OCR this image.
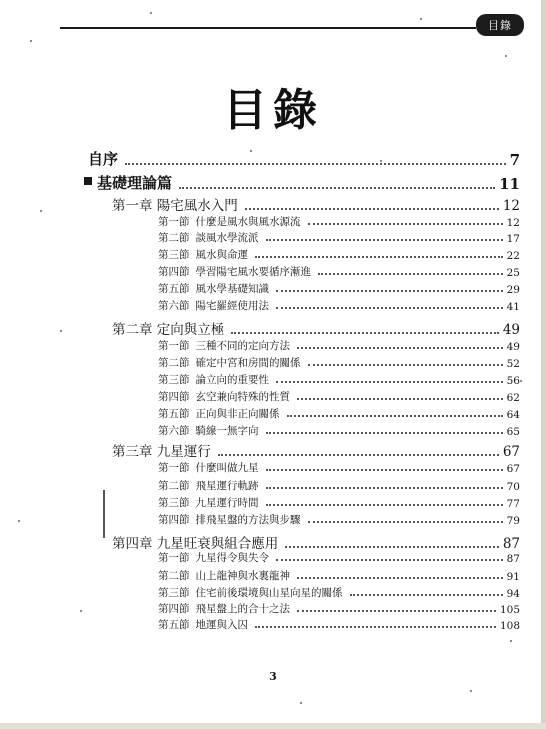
目錄
目錄
自序	7
基礎理論篇	11
第一章 陽宅風水入門	12
第一節 什麼是風水與風水源流	12
第二節 談風水學流派	17
第三節 風水與命運	22
第四節 學習陽宅風水要循序漸進	25
第五節 風水學基礎知識	29
第六節 陽宅羅經使用法	41
第二章 定向與立極	49
第一節 三種不同的定向方法	49
第二節 確定中宮和房間的關係	52
第三節 論立向的重要性	56
第四節 玄空兼向特殊的性質	62
第五節 正向與非正向關係	64
第六節 騎線一無字向	65
第三章 九星運行	67
第一節 什麼叫做九星	67
第二節 飛星運行軌跡	70
第三節 九星運行時間	77
第四節 排飛星盤的方法與步驟	79
第四章 九星旺衰與組合應用	87
第一節 九星得令與失令	87
第二節 山上龍神與水裏龍神	91
第三節 住宅前後環境與山星向星的關係	94
第四節 飛星盤上的合十之法	105
第五節 地運與入囚	108
3
